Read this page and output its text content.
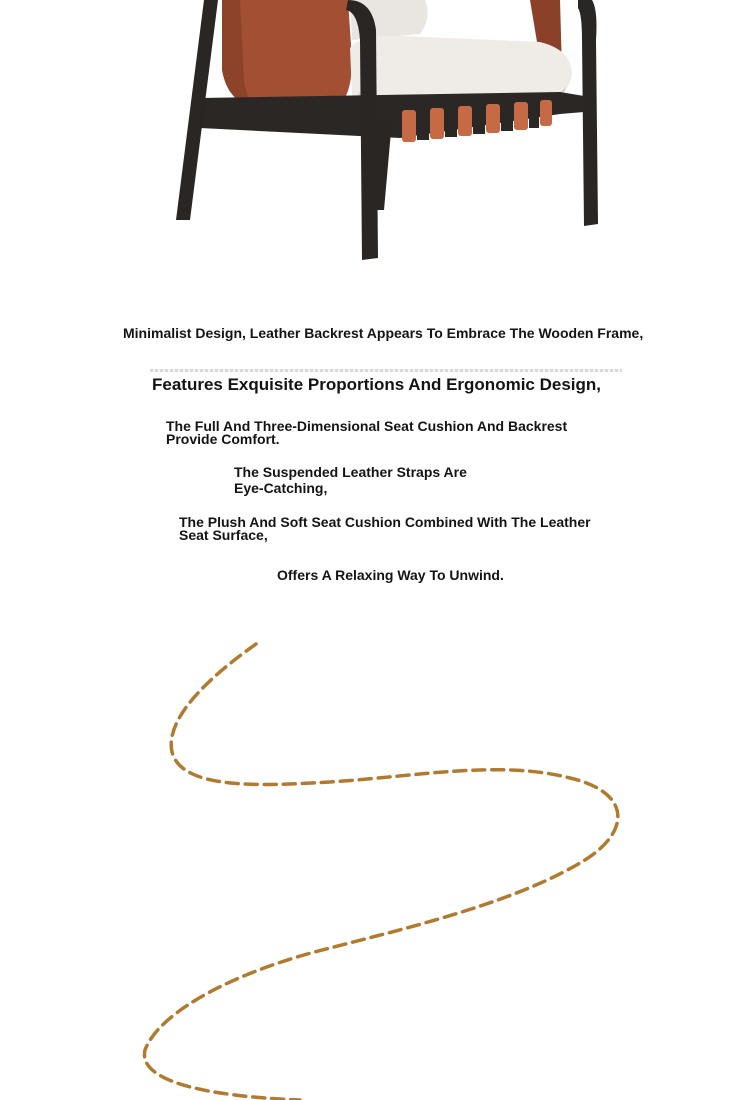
Minimalist Design, Leather Backrest Appears To Embrace The Wooden Frame,
Features Exquisite Proportions And Ergonomic Design,
The Full And Three-Dimensional Seat Cushion And Backrest
Provide Comfort.
The Suspended Leather Straps Are
Eye-Catching,
The Plush And Soft Seat Cushion Combined With The Leather
Seat Surface,
Offers A Relaxing Way To Unwind.
